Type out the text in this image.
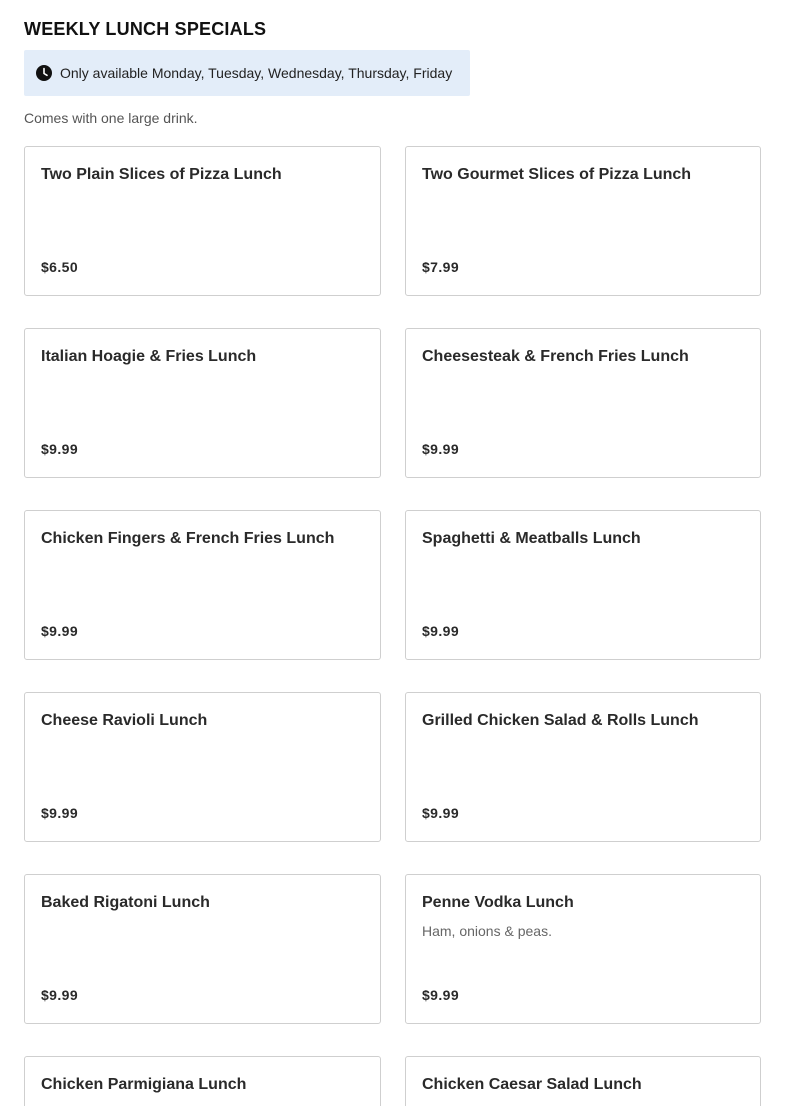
WEEKLY LUNCH SPECIALS
Only available Monday, Tuesday, Wednesday, Thursday, Friday

Comes with one large drink.

Two Plain Slices of Pizza Lunch
$6.50
Two Gourmet Slices of Pizza Lunch
$7.99
Italian Hoagie & Fries Lunch
$9.99
Cheesesteak & French Fries Lunch
$9.99
Chicken Fingers & French Fries Lunch
$9.99
Spaghetti & Meatballs Lunch
$9.99
Cheese Ravioli Lunch
$9.99
Grilled Chicken Salad & Rolls Lunch
$9.99
Baked Rigatoni Lunch
$9.99
Penne Vodka Lunch
Ham, onions & peas.
$9.99
Chicken Parmigiana Lunch	Chicken Caesar Salad Lunch
